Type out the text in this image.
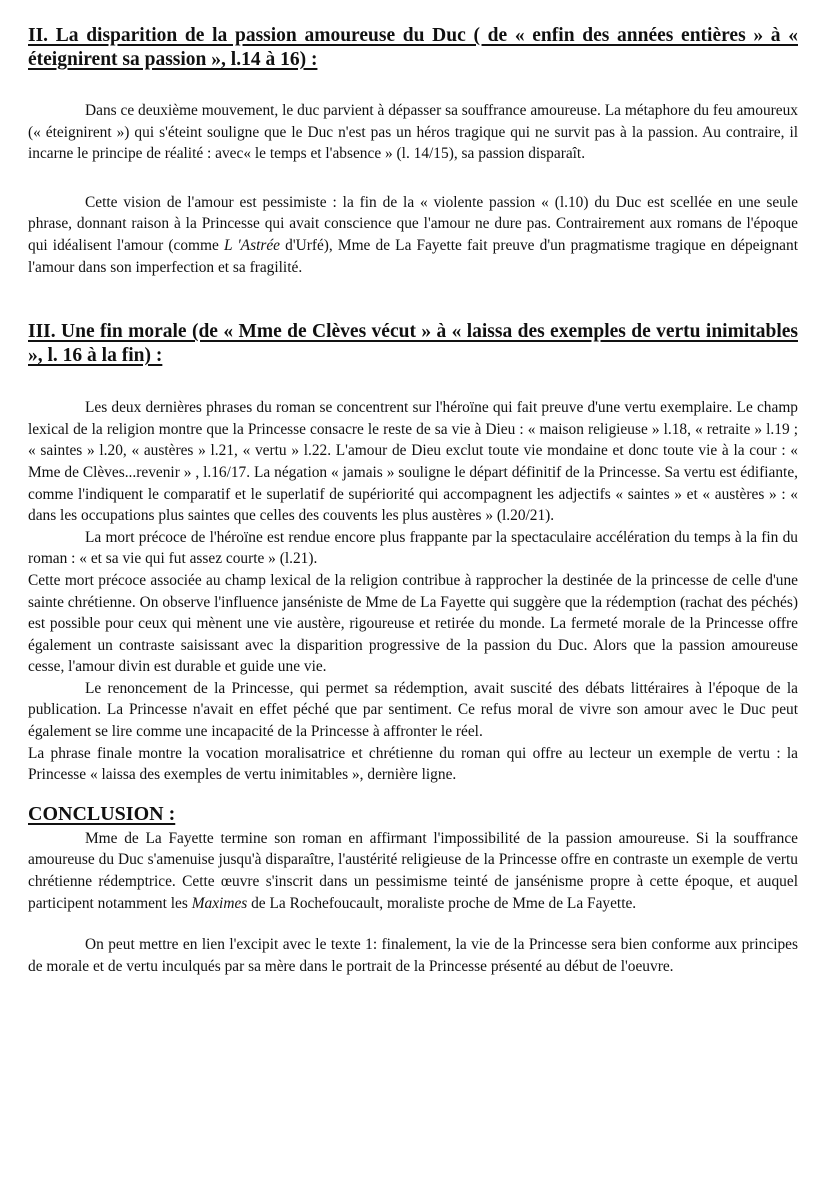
II. La disparition de la passion amoureuse du Duc ( de « enfin des années entières » à « éteignirent sa passion », l.14 à 16) :

Dans ce deuxième mouvement, le duc parvient à dépasser sa souffrance amoureuse. La métaphore du feu amoureux (« éteignirent ») qui s'éteint souligne que le Duc n'est pas un héros tragique qui ne survit pas à la passion. Au contraire, il incarne le principe de réalité : avec« le temps et l'absence » (l. 14/15), sa passion disparaît.

Cette vision de l'amour est pessimiste : la fin de la « violente passion « (l.10) du Duc est scellée en une seule phrase, donnant raison à la Princesse qui avait conscience que l'amour ne dure pas. Contrairement aux romans de l'époque qui idéalisent l'amour (comme L 'Astrée d'Urfé), Mme de La Fayette fait preuve d'un pragmatisme tragique en dépeignant l'amour dans son imperfection et sa fragilité.

III. Une fin morale (de « Mme de Clèves vécut » à « laissa des exemples de vertu inimitables », l. 16 à la fin) :

Les deux dernières phrases du roman se concentrent sur l'héroïne qui fait preuve d'une vertu exemplaire. Le champ lexical de la religion montre que la Princesse consacre le reste de sa vie à Dieu : « maison religieuse » l.18, « retraite » l.19 ; « saintes » l.20, « austères » l.21, « vertu » l.22. L'amour de Dieu exclut toute vie mondaine et donc toute vie à la cour : « Mme de Clèves...revenir » , l.16/17. La négation « jamais » souligne le départ définitif de la Princesse. Sa vertu est édifiante, comme l'indiquent le comparatif et le superlatif de supériorité qui accompagnent les adjectifs « saintes » et « austères » : « dans les occupations plus saintes que celles des couvents les plus austères » (l.20/21).

La mort précoce de l'héroïne est rendue encore plus frappante par la spectaculaire accélération du temps à la fin du roman : « et sa vie qui fut assez courte » (l.21).

Cette mort précoce associée au champ lexical de la religion contribue à rapprocher la destinée de la princesse de celle d'une sainte chrétienne. On observe l'influence janséniste de Mme de La Fayette qui suggère que la rédemption (rachat des péchés) est possible pour ceux qui mènent une vie austère, rigoureuse et retirée du monde. La fermeté morale de la Princesse offre également un contraste saisissant avec la disparition progressive de la passion du Duc. Alors que la passion amoureuse cesse, l'amour divin est durable et guide une vie.

Le renoncement de la Princesse, qui permet sa rédemption, avait suscité des débats littéraires à l'époque de la publication. La Princesse n'avait en effet péché que par sentiment. Ce refus moral de vivre son amour avec le Duc peut également se lire comme une incapacité de la Princesse à affronter le réel.

La phrase finale montre la vocation moralisatrice et chrétienne du roman qui offre au lecteur un exemple de vertu : la Princesse « laissa des exemples de vertu inimitables », dernière ligne.

CONCLUSION :

Mme de La Fayette termine son roman en affirmant l'impossibilité de la passion amoureuse. Si la souffrance amoureuse du Duc s'amenuise jusqu'à disparaître, l'austérité religieuse de la Princesse offre en contraste un exemple de vertu chrétienne rédemptrice. Cette œuvre s'inscrit dans un pessimisme teinté de jansénisme propre à cette époque, et auquel participent notamment les Maximes de La Rochefoucault, moraliste proche de Mme de La Fayette.

On peut mettre en lien l'excipit avec le texte 1: finalement, la vie de la Princesse sera bien conforme aux principes de morale et de vertu inculqués par sa mère dans le portrait de la Princesse présenté au début de l'oeuvre.
